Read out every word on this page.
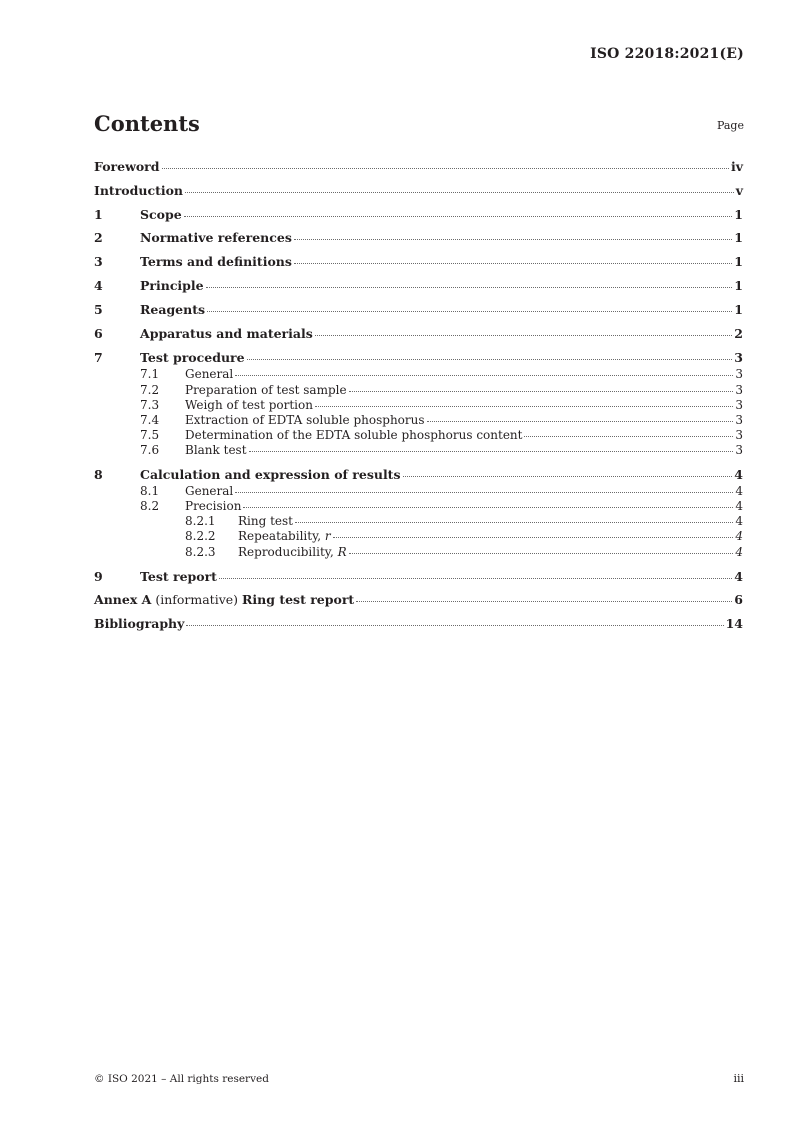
ISO 22018:2021(E)
Contents	Page
Foreword	iv
Introduction	v
1	Scope	1
2	Normative references	1
3	Terms and definitions	1
4	Principle	1
5	Reagents	1
6	Apparatus and materials	2
7	Test procedure	3
7.1	General	3
7.2	Preparation of test sample	3
7.3	Weigh of test portion	3
7.4	Extraction of EDTA soluble phosphorus	3
7.5	Determination of the EDTA soluble phosphorus content	3
7.6	Blank test	3
8	Calculation and expression of results	4
8.1	General	4
8.2	Precision	4
8.2.1	Ring test	4
8.2.2	Repeatability, r	4
8.2.3	Reproducibility, R	4
9	Test report	4
Annex A (informative) Ring test report	6
Bibliography	14
© ISO 2021 – All rights reserved	iii
